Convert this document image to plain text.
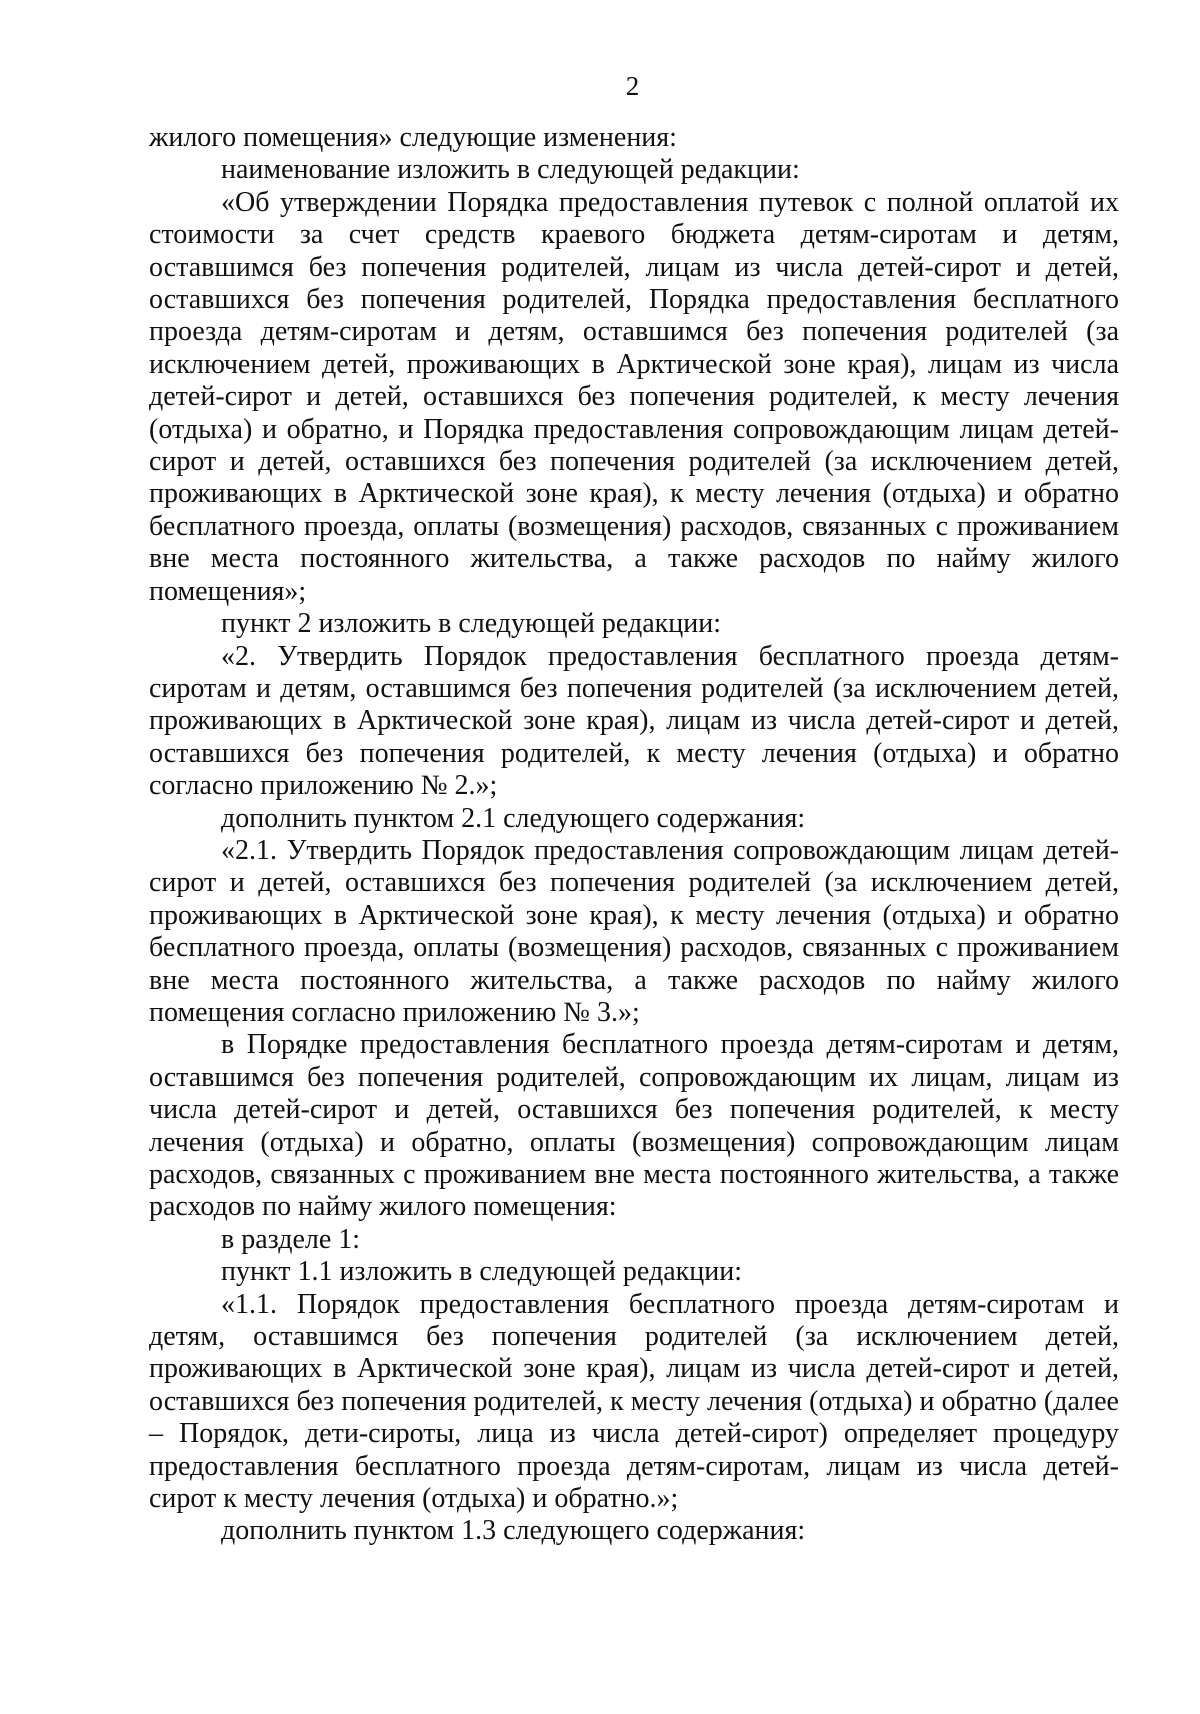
2

жилого помещения» следующие изменения:

наименование изложить в следующей редакции:

«Об утверждении Порядка предоставления путевок с полной оплатой их стоимости за счет средств краевого бюджета детям-сиротам и детям, оставшимся без попечения родителей, лицам из числа детей-сирот и детей, оставшихся без попечения родителей, Порядка предоставления бесплатного проезда детям-сиротам и детям, оставшимся без попечения родителей (за исключением детей, проживающих в Арктической зоне края), лицам из числа детей-сирот и детей, оставшихся без попечения родителей, к месту лечения (отдыха) и обратно, и Порядка предоставления сопровождающим лицам детей-сирот и детей, оставшихся без попечения родителей (за исключением детей, проживающих в Арктической зоне края), к месту лечения (отдыха) и обратно бесплатного проезда, оплаты (возмещения) расходов, связанных с проживанием вне места постоянного жительства, а также расходов по найму жилого помещения»;

пункт 2 изложить в следующей редакции:

«2. Утвердить Порядок предоставления бесплатного проезда детям-сиротам и детям, оставшимся без попечения родителей (за исключением детей, проживающих в Арктической зоне края), лицам из числа детей-сирот и детей, оставшихся без попечения родителей, к месту лечения (отдыха) и обратно согласно приложению № 2.»;

дополнить пунктом 2.1 следующего содержания:

«2.1. Утвердить Порядок предоставления сопровождающим лицам детей-сирот и детей, оставшихся без попечения родителей (за исключением детей, проживающих в Арктической зоне края), к месту лечения (отдыха) и обратно бесплатного проезда, оплаты (возмещения) расходов, связанных с проживанием вне места постоянного жительства, а также расходов по найму жилого помещения согласно приложению № 3.»;

в Порядке предоставления бесплатного проезда детям-сиротам и детям, оставшимся без попечения родителей, сопровождающим их лицам, лицам из числа детей-сирот и детей, оставшихся без попечения родителей, к месту лечения (отдыха) и обратно, оплаты (возмещения) сопровождающим лицам расходов, связанных с проживанием вне места постоянного жительства, а также расходов по найму жилого помещения:

в разделе 1:

пункт 1.1 изложить в следующей редакции:

«1.1. Порядок предоставления бесплатного проезда детям-сиротам и детям, оставшимся без попечения родителей (за исключением детей, проживающих в Арктической зоне края), лицам из числа детей-сирот и детей, оставшихся без попечения родителей, к месту лечения (отдыха) и обратно (далее – Порядок, дети-сироты, лица из числа детей-сирот) определяет процедуру предоставления бесплатного проезда детям-сиротам, лицам из числа детей-сирот к месту лечения (отдыха) и обратно.»;

дополнить пунктом 1.3 следующего содержания:
